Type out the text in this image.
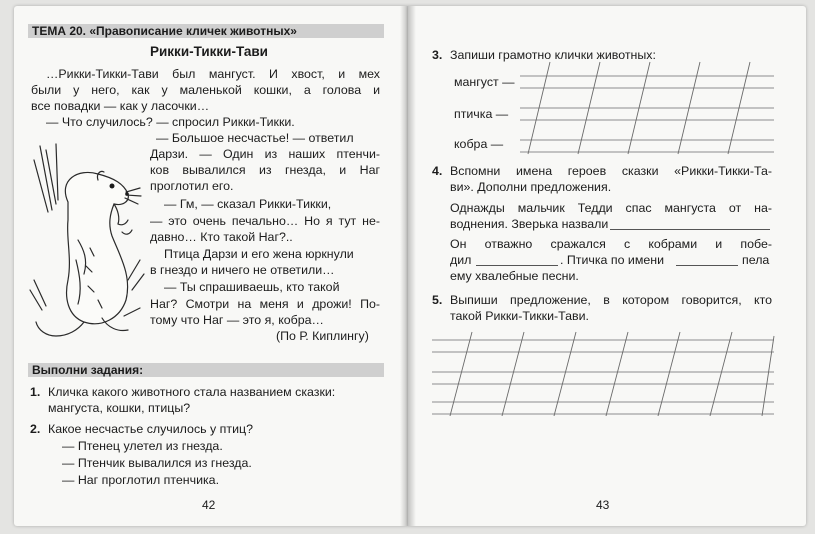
ТЕМА 20. «Правописание кличек животных»
Рикки-Тикки-Тави
…Рикки-Тикки-Тави был мангуст. И хвост, и мех
были у него, как у маленькой кошки, а голова и
все повадки — как у ласочки…
— Что случилось? — спросил Рикки-Тикки.
— Большое несчастье! — ответил
Дарзи. — Один из наших птенчи-
ков вывалился из гнезда, и Наг
проглотил его.
— Гм, — сказал Рикки-Тикки,
— это очень печально… Но я тут не-
давно… Кто такой Наг?..
Птица Дарзи и его жена юркнули
в гнездо и ничего не ответили…
— Ты спрашиваешь, кто такой
Наг? Смотри на меня и дрожи! По-
тому что Наг — это я, кобра…
(По Р. Киплингу)
Выполни задания:
1. Кличка какого животного стала названием сказки:
мангуста, кошки, птицы?
2. Какое несчастье случилось у птиц?
— Птенец улетел из гнезда.
— Птенчик вывалился из гнезда.
— Наг проглотил птенчика.
42
3. Запиши грамотно клички животных:
мангуст —
птичка —
кобра —
4. Вспомни имена героев сказки «Рикки-Тикки-Та-
ви». Дополни предложения.
Однажды мальчик Тедди спас мангуста от на-
воднения. Зверька назвали
Он отважно сражался с кобрами и побе-
дил	. Птичка по имени	пела
ему хвалебные песни.
5. Выпиши предложение, в котором говорится, кто
такой Рикки-Тикки-Тави.
43
